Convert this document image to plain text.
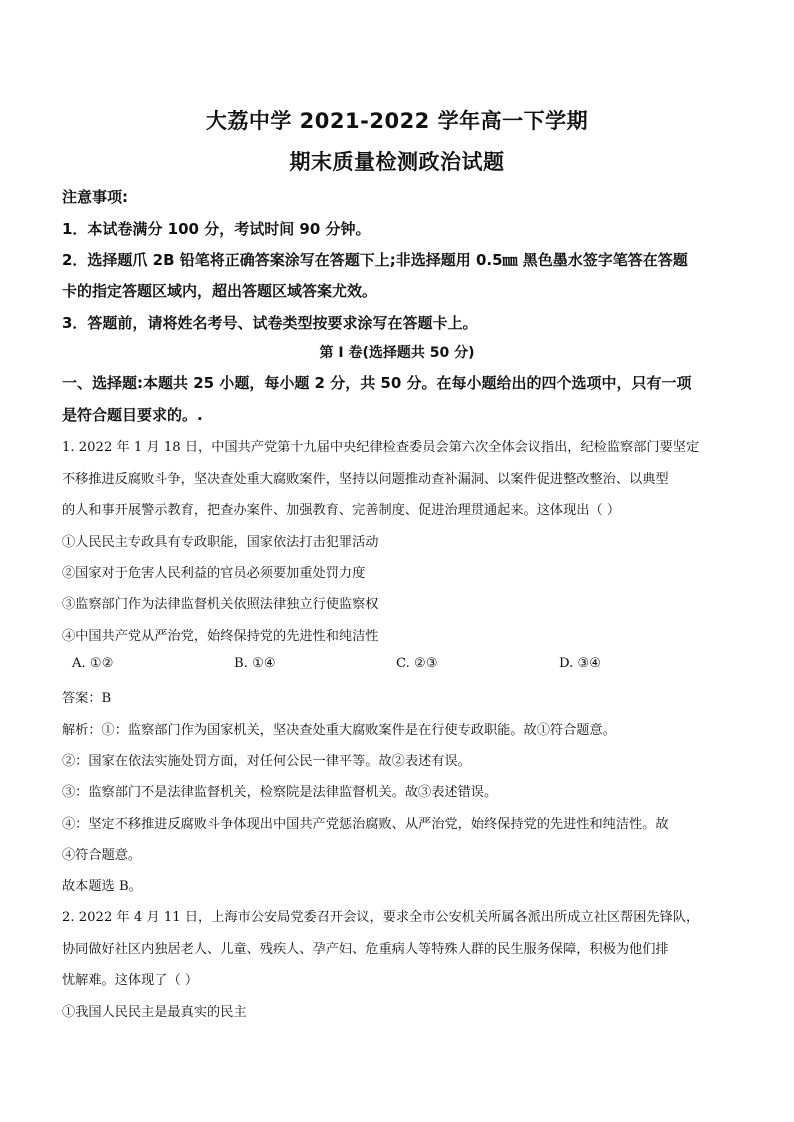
大荔中学 2021-2022 学年高一下学期
期末质量检测政治试题
注意事项:
1．本试卷满分 100 分，考试时间 90 分钟。
2．选择题爪 2B 铅笔将正确答案涂写在答题下上;非选择题用 0.5㎜ 黑色墨水签字笔答在答题
卡的指定答题区域内，超出答题区域答案尤效。
3．答题前，请将姓名考号、试卷类型按要求涂写在答题卡上。
第 I 卷(选择题共 50 分)
一、选择题:本题共 25 小题，每小题 2 分，共 50 分。在每小题给出的四个选项中，只有一项
是符合题目要求的。.
1. 2022 年 1 月 18 日，中国共产党第十九届中央纪律检查委员会第六次全体会议指出，纪检监察部门要坚定
不移推进反腐败斗争，坚决查处重大腐败案件，坚持以问题推动查补漏洞、以案件促进整改整治、以典型
的人和事开展警示教育，把查办案件、加强教育、完善制度、促进治理贯通起来。这体现出（ ）
①人民民主专政具有专政职能，国家依法打击犯罪活动
②国家对于危害人民利益的官员必须要加重处罚力度
③监察部门作为法律监督机关依照法律独立行使监察权
④中国共产党从严治党，始终保持党的先进性和纯洁性
A. ①②	B. ①④	C. ②③	D. ③④
答案：B
解析：①：监察部门作为国家机关，坚决查处重大腐败案件是在行使专政职能。故①符合题意。
②：国家在依法实施处罚方面，对任何公民一律平等。故②表述有误。
③：监察部门不是法律监督机关，检察院是法律监督机关。故③表述错误。
④：坚定不移推进反腐败斗争体现出中国共产党惩治腐败、从严治党，始终保持党的先进性和纯洁性。故
④符合题意。
故本题选 B。
2. 2022 年 4 月 11 日，上海市公安局党委召开会议，要求全市公安机关所属各派出所成立社区帮困先锋队，
协同做好社区内独居老人、儿童、残疾人、孕产妇、危重病人等特殊人群的民生服务保障，积极为他们排
忧解难。这体现了（ ）
①我国人民民主是最真实的民主
